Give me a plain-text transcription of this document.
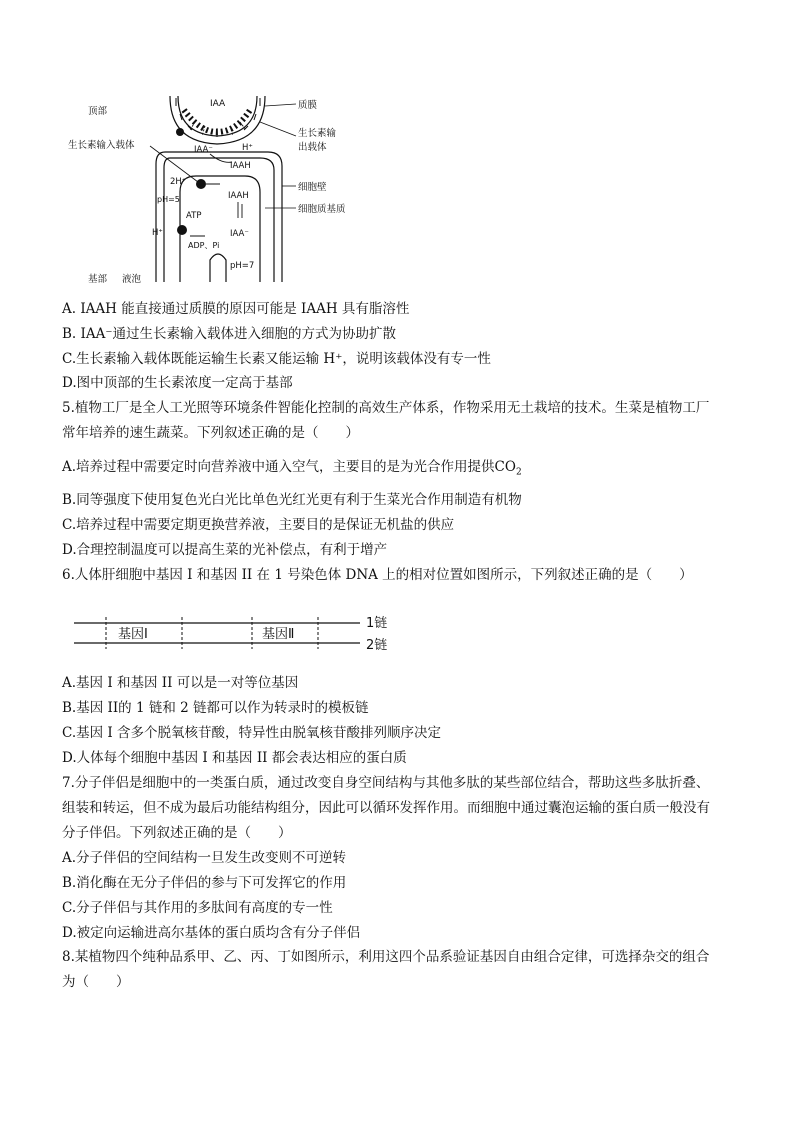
IAA
IAA⁻	H⁺
IAAH
2H⁺
pH=5
ATP
H⁺
ADP、Pi
IAAH
IAA⁻
pH=7
顶部
基部 液泡
生长素输入载体
质膜
生长素输
出载体
细胞壁
细胞质基质
A. IAAH 能直接通过质膜的原因可能是 IAAH 具有脂溶性
B. IAA⁻通过生长素输入载体进入细胞的方式为协助扩散
C.生长素输入载体既能运输生长素又能运输 H⁺，说明该载体没有专一性
D.图中顶部的生长素浓度一定高于基部
5.植物工厂是全人工光照等环境条件智能化控制的高效生产体系，作物采用无土栽培的技术。生菜是植物工厂
常年培养的速生蔬菜。下列叙述正确的是（　　）
A.培养过程中需要定时向营养液中通入空气，主要目的是为光合作用提供$CO_2$
B.同等强度下使用复色光白光比单色光红光更有利于生菜光合作用制造有机物
C.培养过程中需要定期更换营养液，主要目的是保证无机盐的供应
D.合理控制温度可以提高生菜的光补偿点，有利于增产
6.人体肝细胞中基因 I 和基因 II 在 1 号染色体 DNA 上的相对位置如图所示，下列叙述正确的是（　　）
基因Ⅰ	基因Ⅱ
1链
2链
A.基因 I 和基因 II 可以是一对等位基因
B.基因 II的 1 链和 2 链都可以作为转录时的模板链
C.基因 I 含多个脱氧核苷酸，特异性由脱氧核苷酸排列顺序决定
D.人体每个细胞中基因 I 和基因 II 都会表达相应的蛋白质
7.分子伴侣是细胞中的一类蛋白质，通过改变自身空间结构与其他多肽的某些部位结合，帮助这些多肽折叠、
组装和转运，但不成为最后功能结构组分，因此可以循环发挥作用。而细胞中通过囊泡运输的蛋白质一般没有
分子伴侣。下列叙述正确的是（　　）
A.分子伴侣的空间结构一旦发生改变则不可逆转
B.消化酶在无分子伴侣的参与下可发挥它的作用
C.分子伴侣与其作用的多肽间有高度的专一性
D.被定向运输进高尔基体的蛋白质均含有分子伴侣
8.某植物四个纯种品系甲、乙、丙、丁如图所示，利用这四个品系验证基因自由组合定律，可选择杂交的组合
为（　　）
